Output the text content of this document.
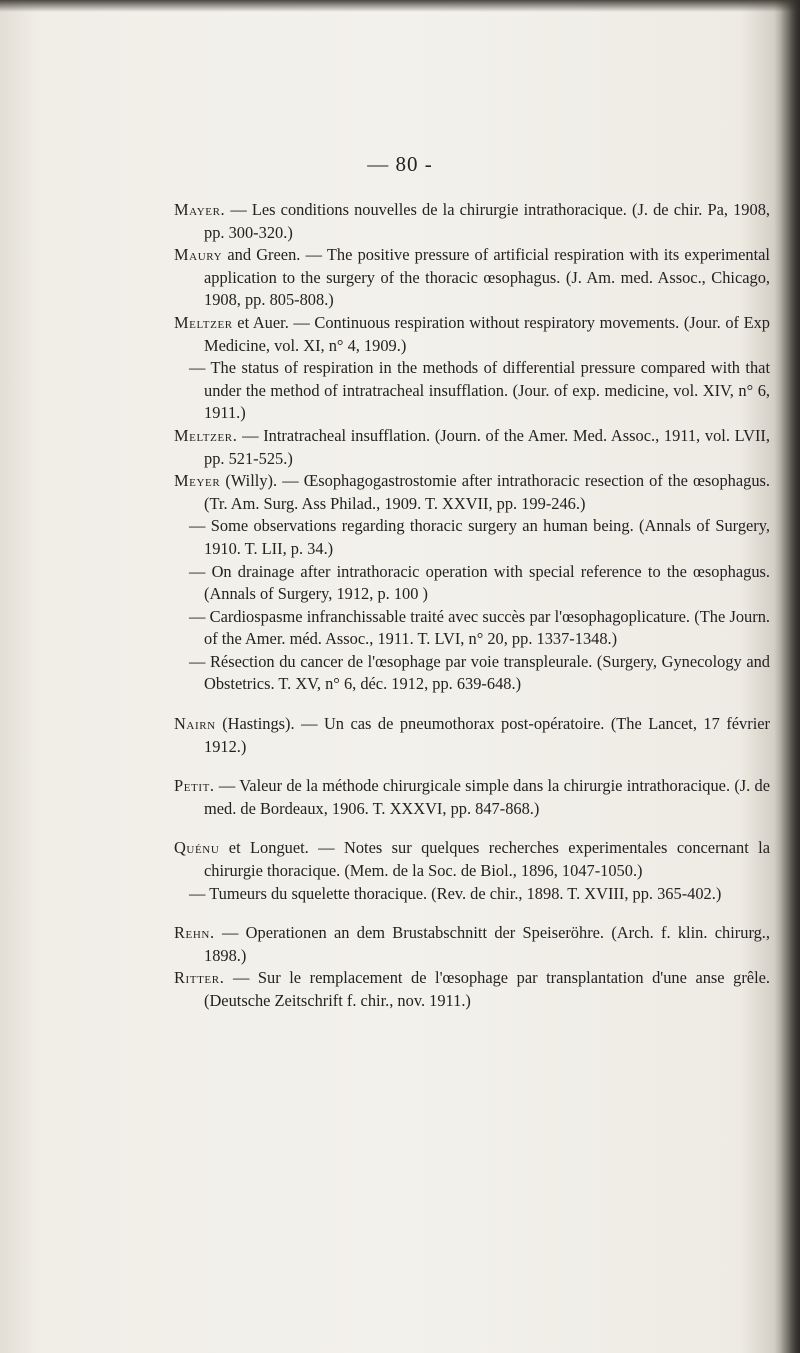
— 80 -

Mayer. — Les conditions nouvelles de la chirurgie intrathoracique. (J. de chir. Pa, 1908, pp. 300-320.)

Maury and Green. — The positive pressure of artificial respiration with its experimental application to the surgery of the thoracic œsophagus. (J. Am. med. Assoc., Chicago, 1908, pp. 805-808.)

Meltzer et Auer. — Continuous respiration without respiratory movements. (Jour. of Exp Medicine, vol. XI, n° 4, 1909.)

— The status of respiration in the methods of differential pressure compared with that under the method of intratracheal insufflation. (Jour. of exp. medicine, vol. XIV, n° 6, 1911.)

Meltzer. — Intratracheal insufflation. (Journ. of the Amer. Med. Assoc., 1911, vol. LVII, pp. 521-525.)

Meyer (Willy). — Œsophagogastrostomie after intrathoracic resection of the œsophagus. (Tr. Am. Surg. Ass Philad., 1909. T. XXVII, pp. 199-246.)

— Some observations regarding thoracic surgery an human being. (Annals of Surgery, 1910. T. LII, p. 34.)

— On drainage after intrathoracic operation with special reference to the œsophagus. (Annals of Surgery, 1912, p. 100 )

— Cardiospasme infranchissable traité avec succès par l'œsophagoplicature. (The Journ. of the Amer. méd. Assoc., 1911. T. LVI, n° 20, pp. 1337-1348.)

— Résection du cancer de l'œsophage par voie transpleurale. (Surgery, Gynecology and Obstetrics. T. XV, n° 6, déc. 1912, pp. 639-648.)

Nairn (Hastings). — Un cas de pneumothorax post-opératoire. (The Lancet, 17 février 1912.)

Petit. — Valeur de la méthode chirurgicale simple dans la chirurgie intrathoracique. (J. de med. de Bordeaux, 1906. T. XXXVI, pp. 847-868.)

Quénu et Longuet. — Notes sur quelques recherches experimentales concernant la chirurgie thoracique. (Mem. de la Soc. de Biol., 1896, 1047-1050.)

— Tumeurs du squelette thoracique. (Rev. de chir., 1898. T. XVIII, pp. 365-402.)

Rehn. — Operationen an dem Brustabschnitt der Speiseröhre. (Arch. f. klin. chirurg., 1898.)

Ritter. — Sur le remplacement de l'œsophage par transplantation d'une anse grêle. (Deutsche Zeitschrift f. chir., nov. 1911.)
